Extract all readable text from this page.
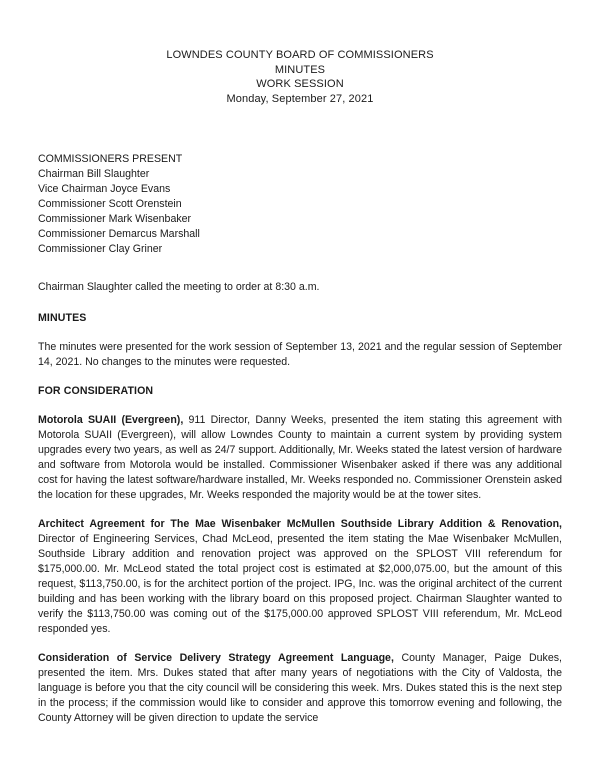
LOWNDES COUNTY BOARD OF COMMISSIONERS
MINUTES
WORK SESSION
Monday, September 27, 2021
COMMISSIONERS PRESENT
Chairman Bill Slaughter
Vice Chairman Joyce Evans
Commissioner Scott Orenstein
Commissioner Mark Wisenbaker
Commissioner Demarcus Marshall
Commissioner Clay Griner

Chairman Slaughter called the meeting to order at 8:30 a.m.

MINUTES

The minutes were presented for the work session of September 13, 2021 and the regular session of September 14, 2021. No changes to the minutes were requested.

FOR CONSIDERATION

Motorola SUAII (Evergreen), 911 Director, Danny Weeks, presented the item stating this agreement with Motorola SUAII (Evergreen), will allow Lowndes County to maintain a current system by providing system upgrades every two years, as well as 24/7 support. Additionally, Mr. Weeks stated the latest version of hardware and software from Motorola would be installed. Commissioner Wisenbaker asked if there was any additional cost for having the latest software/hardware installed, Mr. Weeks responded no. Commissioner Orenstein asked the location for these upgrades, Mr. Weeks responded the majority would be at the tower sites.

Architect Agreement for The Mae Wisenbaker McMullen Southside Library Addition & Renovation, Director of Engineering Services, Chad McLeod, presented the item stating the Mae Wisenbaker McMullen, Southside Library addition and renovation project was approved on the SPLOST VIII referendum for $175,000.00. Mr. McLeod stated the total project cost is estimated at $2,000,075.00, but the amount of this request, $113,750.00, is for the architect portion of the project. IPG, Inc. was the original architect of the current building and has been working with the library board on this proposed project. Chairman Slaughter wanted to verify the $113,750.00 was coming out of the $175,000.00 approved SPLOST VIII referendum, Mr. McLeod responded yes.

Consideration of Service Delivery Strategy Agreement Language, County Manager, Paige Dukes, presented the item. Mrs. Dukes stated that after many years of negotiations with the City of Valdosta, the language is before you that the city council will be considering this week. Mrs. Dukes stated this is the next step in the process; if the commission would like to consider and approve this tomorrow evening and following, the County Attorney will be given direction to update the service
